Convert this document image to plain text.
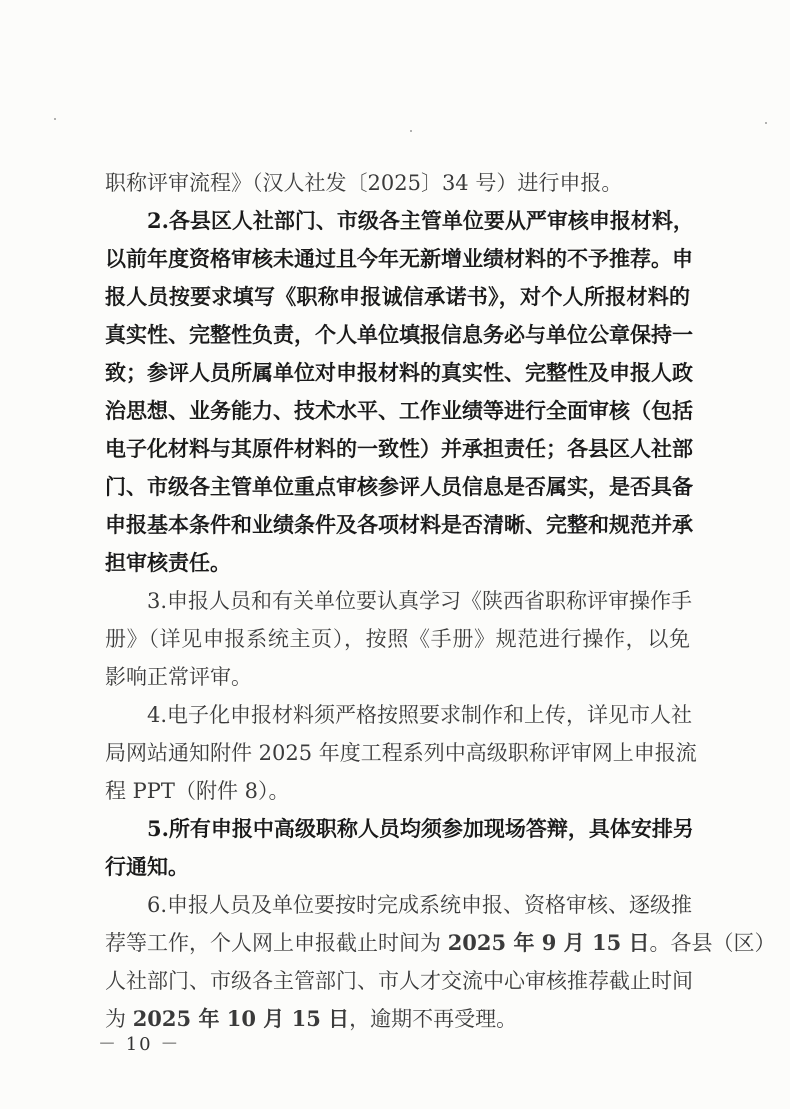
职称评审流程》（汉人社发〔2025〕34 号）进行申报。
2.各县区人社部门、市级各主管单位要从严审核申报材料，
以前年度资格审核未通过且今年无新增业绩材料的不予推荐。申
报人员按要求填写《职称申报诚信承诺书》，对个人所报材料的
真实性、完整性负责，个人单位填报信息务必与单位公章保持一
致；参评人员所属单位对申报材料的真实性、完整性及申报人政
治思想、业务能力、技术水平、工作业绩等进行全面审核（包括
电子化材料与其原件材料的一致性）并承担责任；各县区人社部
门、市级各主管单位重点审核参评人员信息是否属实，是否具备
申报基本条件和业绩条件及各项材料是否清晰、完整和规范并承
担审核责任。
3.申报人员和有关单位要认真学习《陕西省职称评审操作手
册》（详见申报系统主页），按照《手册》规范进行操作，以免
影响正常评审。
4.电子化申报材料须严格按照要求制作和上传，详见市人社
局网站通知附件 2025 年度工程系列中高级职称评审网上申报流
程 PPT（附件 8）。
5.所有申报中高级职称人员均须参加现场答辩，具体安排另
行通知。
6.申报人员及单位要按时完成系统申报、资格审核、逐级推
荐等工作，个人网上申报截止时间为 2025 年 9 月 15 日。各县（区）
人社部门、市级各主管部门、市人才交流中心审核推荐截止时间
为 2025 年 10 月 15 日，逾期不再受理。
－ 10 －
